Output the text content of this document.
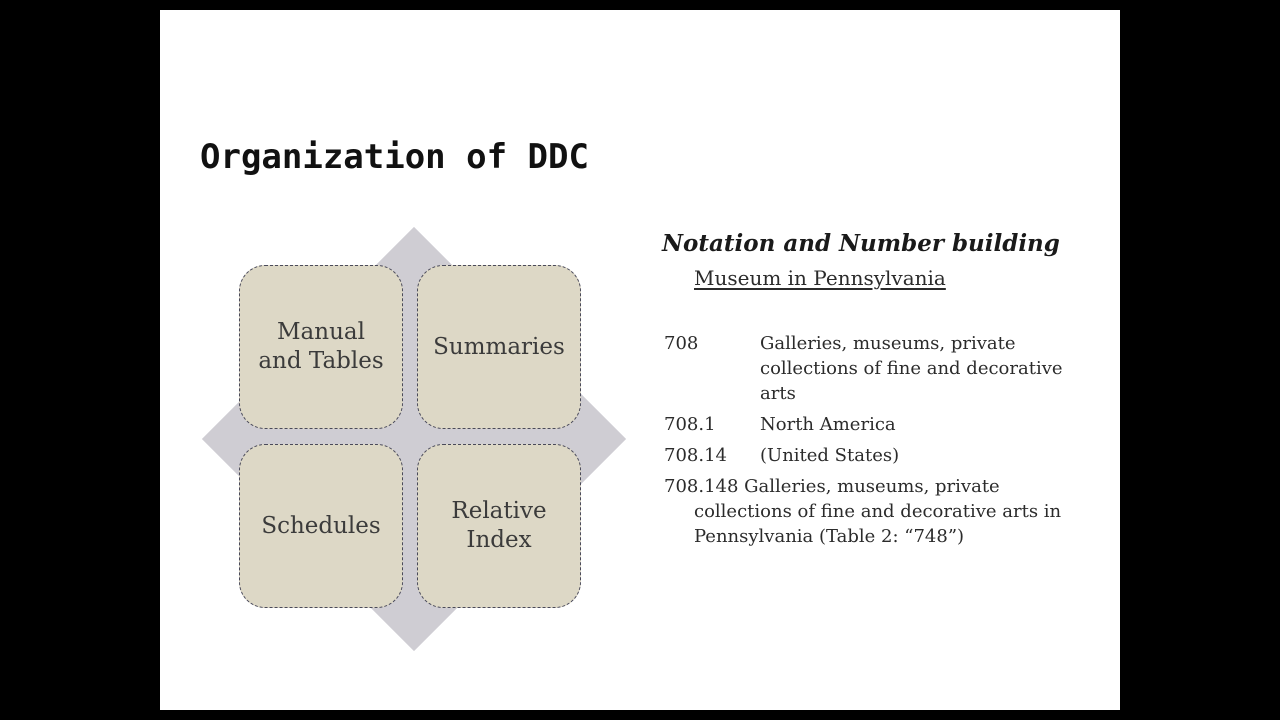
Organization of DDC
Manual
and Tables
Summaries
Schedules
Relative
Index
Notation and Number building
Museum in Pennsylvania
708	Galleries, museums, private collections of fine and decorative arts
708.1	North America
708.14	(United States)
708.148 Galleries, museums, private collections of fine and decorative arts in Pennsylvania (Table 2: “748”)
